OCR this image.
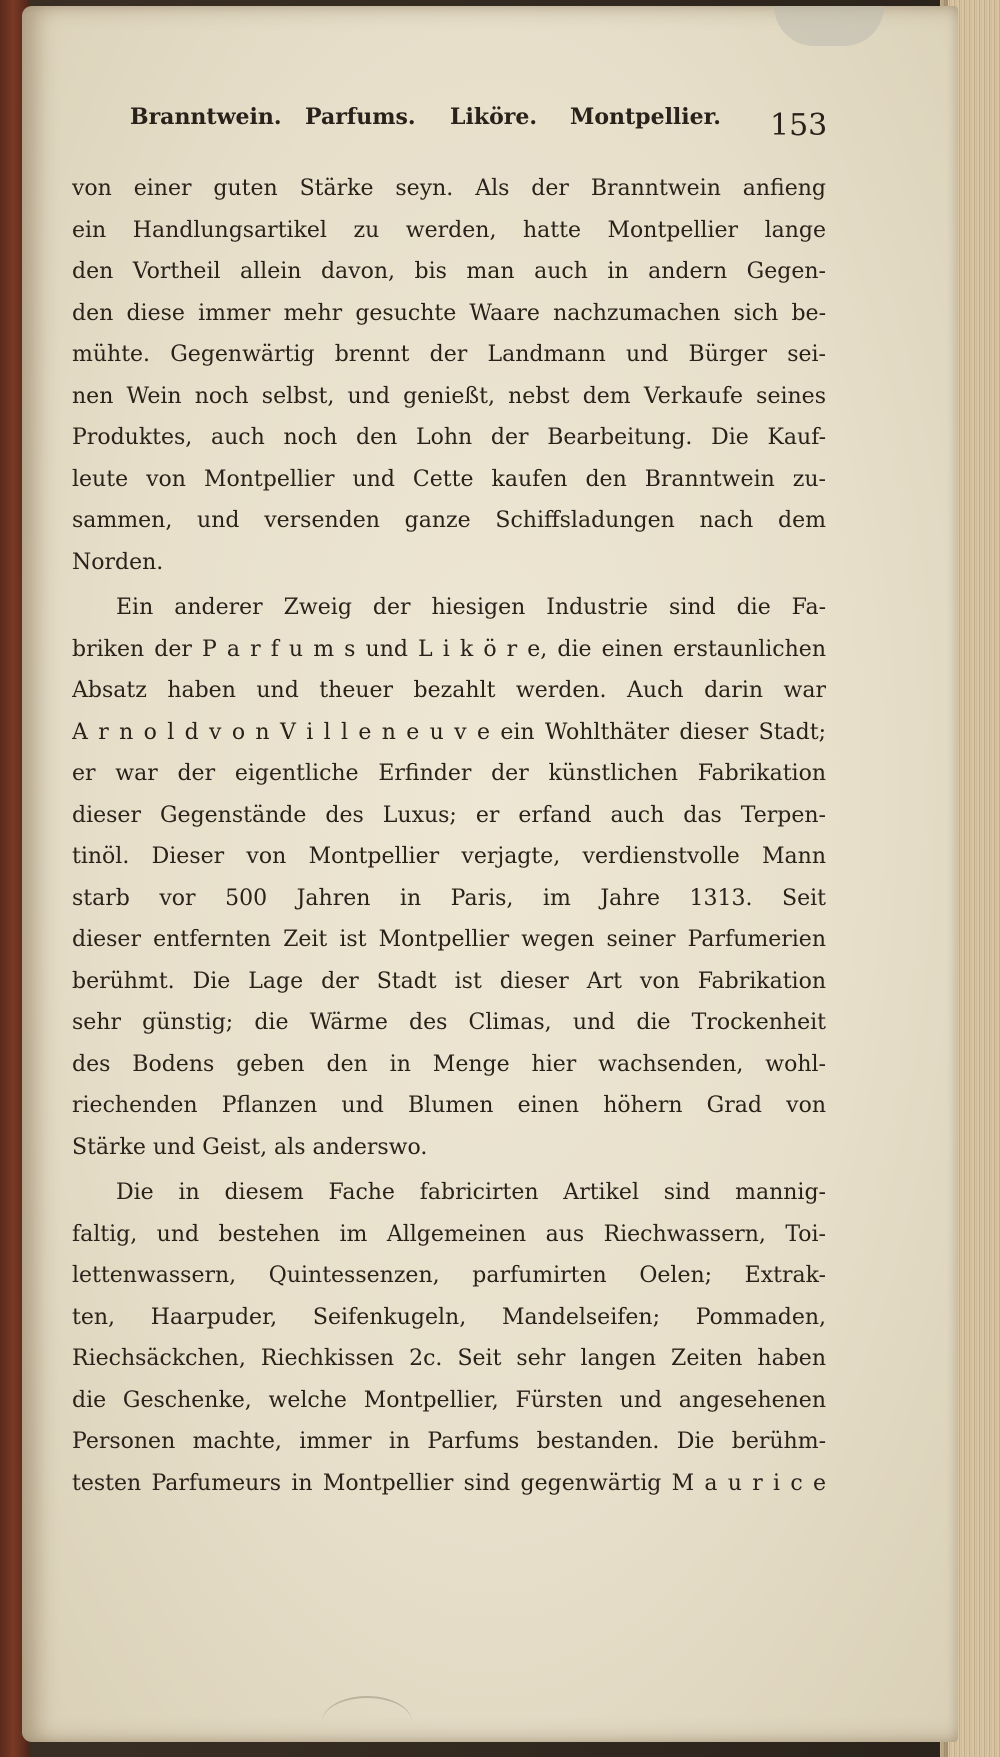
Branntwein. Parfums. Liköre. Montpellier. 153
von einer guten Stärke seyn. Als der Branntwein anfieng
ein Handlungsartikel zu werden, hatte Montpellier lange
den Vortheil allein davon, bis man auch in andern Gegen-
den diese immer mehr gesuchte Waare nachzumachen sich be-
mühte. Gegenwärtig brennt der Landmann und Bürger sei-
nen Wein noch selbst, und genießt, nebst dem Verkaufe seines
Produktes, auch noch den Lohn der Bearbeitung. Die Kauf-
leute von Montpellier und Cette kaufen den Branntwein zu-
sammen, und versenden ganze Schiffsladungen nach dem
Norden.
Ein anderer Zweig der hiesigen Industrie sind die Fa-
briken der P a r f u m s und L i k ö r e, die einen erstaunlichen
Absatz haben und theuer bezahlt werden. Auch darin war
A r n o l d v o n V i l l e n e u v e ein Wohlthäter dieser Stadt;
er war der eigentliche Erfinder der künstlichen Fabrikation
dieser Gegenstände des Luxus; er erfand auch das Terpen-
tinöl. Dieser von Montpellier verjagte, verdienstvolle Mann
starb vor 500 Jahren in Paris, im Jahre 1313. Seit
dieser entfernten Zeit ist Montpellier wegen seiner Parfumerien
berühmt. Die Lage der Stadt ist dieser Art von Fabrikation
sehr günstig; die Wärme des Climas, und die Trockenheit
des Bodens geben den in Menge hier wachsenden, wohl-
riechenden Pflanzen und Blumen einen höhern Grad von
Stärke und Geist, als anderswo.
Die in diesem Fache fabricirten Artikel sind mannig-
faltig, und bestehen im Allgemeinen aus Riechwassern, Toi-
lettenwassern, Quintessenzen, parfumirten Oelen; Extrak-
ten, Haarpuder, Seifenkugeln, Mandelseifen; Pommaden,
Riechsäckchen, Riechkissen 2c. Seit sehr langen Zeiten haben
die Geschenke, welche Montpellier, Fürsten und angesehenen
Personen machte, immer in Parfums bestanden. Die berühm-
testen Parfumeurs in Montpellier sind gegenwärtig M a u r i c e
